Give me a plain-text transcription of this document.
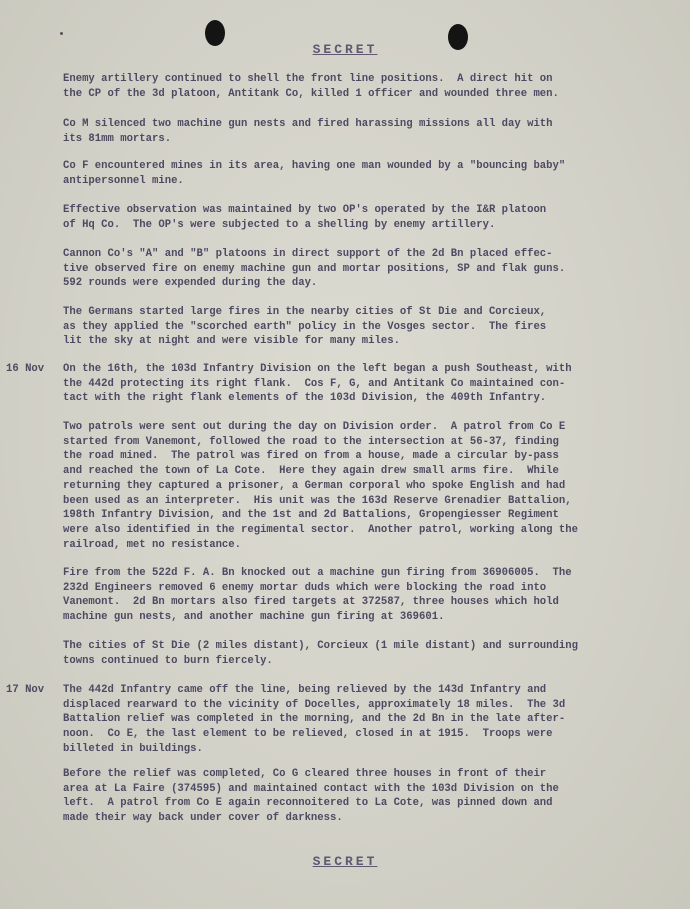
SECRET

Enemy artillery continued to shell the front line positions.  A direct hit on
the CP of the 3d platoon, Antitank Co, killed 1 officer and wounded three men.

Co M silenced two machine gun nests and fired harassing missions all day with
its 81mm mortars.

Co F encountered mines in its area, having one man wounded by a "bouncing baby"
antipersonnel mine.

Effective observation was maintained by two OP's operated by the I&R platoon
of Hq Co.  The OP's were subjected to a shelling by enemy artillery.

Cannon Co's "A" and "B" platoons in direct support of the 2d Bn placed effec-
tive observed fire on enemy machine gun and mortar positions, SP and flak guns.
592 rounds were expended during the day.

The Germans started large fires in the nearby cities of St Die and Corcieux,
as they applied the "scorched earth" policy in the Vosges sector.  The fires
lit the sky at night and were visible for many miles.

16 Nov On the 16th, the 103d Infantry Division on the left began a push Southeast, with
the 442d protecting its right flank.  Cos F, G, and Antitank Co maintained con-
tact with the right flank elements of the 103d Division, the 409th Infantry.

Two patrols were sent out during the day on Division order.  A patrol from Co E
started from Vanemont, followed the road to the intersection at 56-37, finding
the road mined.  The patrol was fired on from a house, made a circular by-pass
and reached the town of La Cote.  Here they again drew small arms fire.  While
returning they captured a prisoner, a German corporal who spoke English and had
been used as an interpreter.  His unit was the 163d Reserve Grenadier Battalion,
198th Infantry Division, and the 1st and 2d Battalions, Gropengiesser Regiment
were also identified in the regimental sector.  Another patrol, working along the
railroad, met no resistance.

Fire from the 522d F. A. Bn knocked out a machine gun firing from 36906005.  The
232d Engineers removed 6 enemy mortar duds which were blocking the road into
Vanemont.  2d Bn mortars also fired targets at 372587, three houses which hold
machine gun nests, and another machine gun firing at 369601.

The cities of St Die (2 miles distant), Corcieux (1 mile distant) and surrounding
towns continued to burn fiercely.

17 Nov The 442d Infantry came off the line, being relieved by the 143d Infantry and
displaced rearward to the vicinity of Docelles, approximately 18 miles.  The 3d
Battalion relief was completed in the morning, and the 2d Bn in the late after-
noon.  Co E, the last element to be relieved, closed in at 1915.  Troops were
billeted in buildings.

Before the relief was completed, Co G cleared three houses in front of their
area at La Faire (374595) and maintained contact with the 103d Division on the
left.  A patrol from Co E again reconnoitered to La Cote, was pinned down and
made their way back under cover of darkness.

SECRET
